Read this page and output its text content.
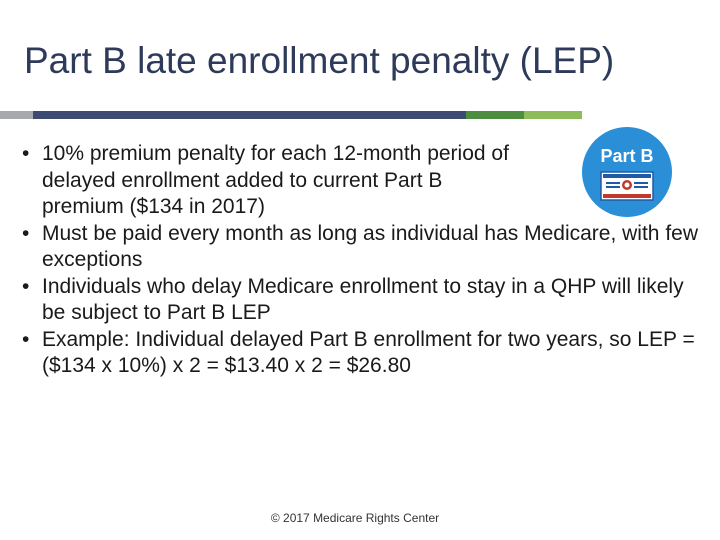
Part B late enrollment penalty (LEP)
• 10% premium penalty for each 12-month period of delayed enrollment added to current Part B premium ($134 in 2017)
• Must be paid every month as long as individual has Medicare, with few exceptions
• Individuals who delay Medicare enrollment to stay in a QHP will likely be subject to Part B LEP
• Example: Individual delayed Part B enrollment for two years, so LEP = ($134 x 10%) x 2 = $13.40 x 2 = $26.80
Part B
© 2017 Medicare Rights Center
